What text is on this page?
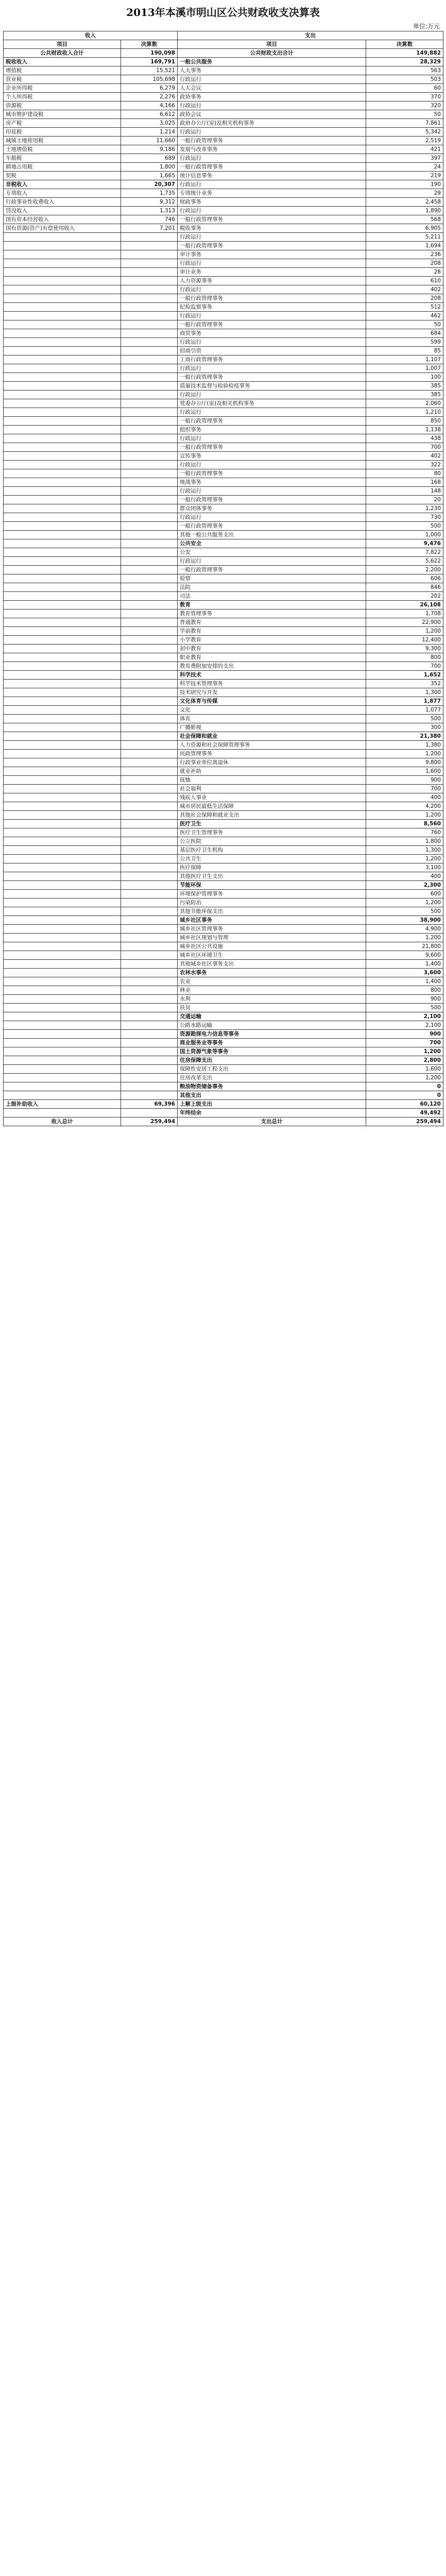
2013年本溪市明山区公共财政收支决算表
单位:万元
收入		支出	
项目	决算数	项目	决算数
公共财政收入合计	190,098	公共财政支出合计	149,882
税收收入	169,791	一般公共服务	28,329
增值税	15,521	人大事务	563
营业税	105,698	行政运行	503
企业所得税	6,279	人大会议	60
个人所得税	2,276	政协事务	370
资源税	4,166	行政运行	320
城市维护建设税	6,612	政协会议	50
房产税	3,025	政府办公厅(室)及相关机构事务	7,861
印花税	1,214	行政运行	5,342
城镇土地使用税	11,660	一般行政管理事务	2,519
土地增值税	9,186	发展与改革事务	421
车船税	689	行政运行	397
耕地占用税	1,800	一般行政管理事务	24
契税	1,665	统计信息事务	219
非税收入	20,307	行政运行	190
专项收入	1,735	专项统计业务	29
行政事业性收费收入	9,312	财政事务	2,458
罚没收入	1,313	行政运行	1,890
国有资本经营收入	746	一般行政管理事务	568
国有资源(资产)有偿使用收入	7,201	税收事务	6,905
		行政运行	5,211
		一般行政管理事务	1,694
		审计事务	236
		行政运行	208
		审计业务	28
		人力资源事务	610
		行政运行	402
		一般行政管理事务	208
		纪检监察事务	512
		行政运行	462
		一般行政管理事务	50
		商贸事务	684
		行政运行	599
		招商引资	85
		工商行政管理事务	1,107
		行政运行	1,007
		一般行政管理事务	100
		质量技术监督与检验检疫事务	385
		行政运行	385
		党委办公厅(室)及相关机构事务	2,060
		行政运行	1,210
		一般行政管理事务	850
		组织事务	1,138
		行政运行	438
		一般行政管理事务	700
		宣传事务	402
		行政运行	322
		一般行政管理事务	80
		统战事务	168
		行政运行	148
		一般行政管理事务	20
		群众团体事务	1,230
		行政运行	730
		一般行政管理事务	500
		其他一般公共服务支出	1,000
		公共安全	9,476
		公安	7,822
		行政运行	5,622
		一般行政管理事务	2,200
		检察	606
		法院	846
		司法	202
		教育	26,108
		教育管理事务	1,708
		普通教育	22,900
		学前教育	1,200
		小学教育	12,400
		初中教育	9,300
		职业教育	800
		教育费附加安排的支出	700
		科学技术	1,652
		科学技术管理事务	352
		技术研究与开发	1,300
		文化体育与传媒	1,877
		文化	1,077
		体育	500
		广播影视	300
		社会保障和就业	21,380
		人力资源和社会保障管理事务	1,380
		民政管理事务	1,200
		行政事业单位离退休	9,800
		就业补助	1,600
		抚恤	900
		社会福利	700
		残疾人事业	400
		城市居民最低生活保障	4,200
		其他社会保障和就业支出	1,200
		医疗卫生	8,560
		医疗卫生管理事务	760
		公立医院	1,800
		基层医疗卫生机构	1,300
		公共卫生	1,200
		医疗保障	3,100
		其他医疗卫生支出	400
		节能环保	2,300
		环境保护管理事务	600
		污染防治	1,200
		其他节能环保支出	500
		城乡社区事务	38,900
		城乡社区管理事务	4,900
		城乡社区规划与管理	1,200
		城乡社区公共设施	21,800
		城乡社区环境卫生	9,600
		其他城乡社区事务支出	1,400
		农林水事务	3,600
		农业	1,400
		林业	800
		水利	900
		扶贫	500
		交通运输	2,100
		公路水路运输	2,100
		资源勘探电力信息等事务	900
		商业服务业等事务	700
		国土资源气象等事务	1,200
		住房保障支出	2,800
		保障性安居工程支出	1,600
		住房改革支出	1,200
		粮油物资储备事务	0
		其他支出	0
上级补助收入	69,396	上解上级支出	60,120
		年终结余	49,492
收入总计	259,494	支出总计	259,494
